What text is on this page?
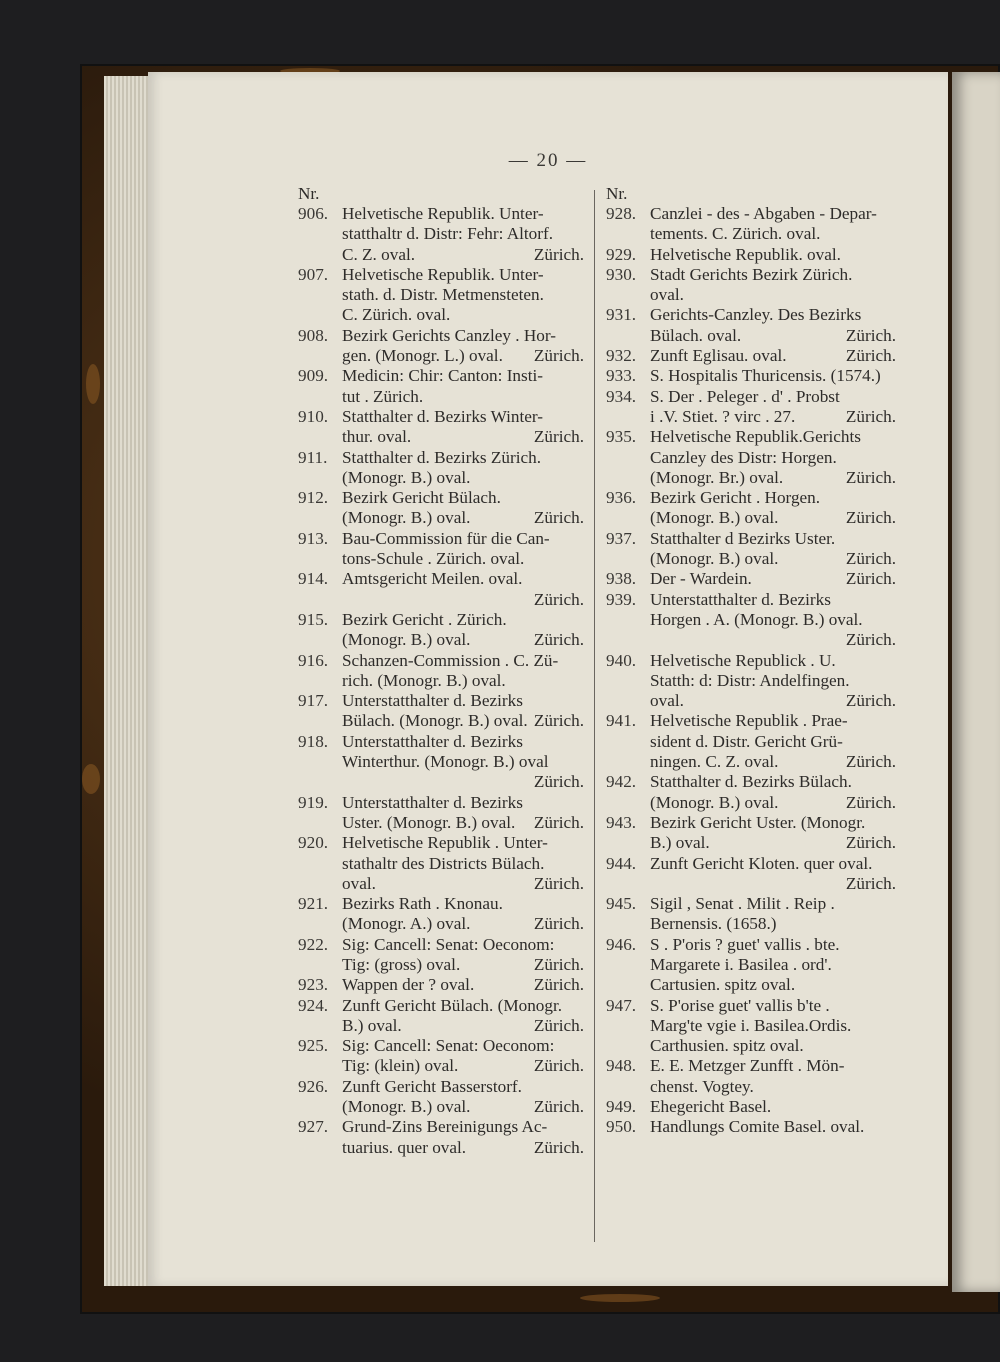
— 20 —
Nr.
906. Helvetische Republik. Unter-
statthaltr d. Distr: Fehr: Altorf.
C. Z. oval.	Zürich.
907. Helvetische Republik. Unter-
stath. d. Distr. Metmensteten.
C. Zürich. oval.
908. Bezirk Gerichts Canzley . Hor-
gen. (Monogr. L.) oval. Zürich.
909. Medicin: Chir: Canton: Insti-
tut . Zürich.
910. Statthalter d. Bezirks Winter-
thur. oval.	Zürich.
911. Statthalter d. Bezirks Zürich.
(Monogr. B.) oval.
912. Bezirk Gericht Bülach.
(Monogr. B.) oval.	Zürich.
913. Bau-Commission für die Can-
tons-Schule . Zürich. oval.
914. Amtsgericht Meilen. oval.
Zürich.
915. Bezirk Gericht . Zürich.
(Monogr. B.) oval.	Zürich.
916. Schanzen-Commission . C. Zü-
rich. (Monogr. B.) oval.
917. Unterstatthalter d. Bezirks
Bülach. (Monogr. B.) oval. Zürich.
918. Unterstatthalter d. Bezirks
Winterthur. (Monogr. B.) oval
Zürich.
919. Unterstatthalter d. Bezirks
Uster. (Monogr. B.) oval. Zürich.
920. Helvetische Republik . Unter-
stathaltr des Districts Bülach.
oval.	Zürich.
921. Bezirks Rath . Knonau.
(Monogr. A.) oval.	Zürich.
922. Sig: Cancell: Senat: Oeconom:
Tig: (gross) oval.	Zürich.
923. Wappen der ? oval.	Zürich.
924. Zunft Gericht Bülach. (Monogr.
B.) oval.	Zürich.
925. Sig: Cancell: Senat: Oeconom:
Tig: (klein) oval.	Zürich.
926. Zunft Gericht Basserstorf.
(Monogr. B.) oval.	Zürich.
927. Grund-Zins Bereinigungs Ac-
tuarius. quer oval.	Zürich.
Nr.
928. Canzlei - des - Abgaben - Depar-
tements. C. Zürich. oval.
929. Helvetische Republik. oval.
930. Stadt Gerichts Bezirk Zürich.
oval.
931. Gerichts-Canzley. Des Bezirks
Bülach. oval.	Zürich.
932. Zunft Eglisau. oval.	Zürich.
933. S. Hospitalis Thuricensis. (1574.)
934. S. Der . Peleger . d' . Probst
i .V. Stiet. ? virc . 27.	Zürich.
935. Helvetische Republik.Gerichts
Canzley des Distr: Horgen.
(Monogr. Br.) oval.	Zürich.
936. Bezirk Gericht . Horgen.
(Monogr. B.) oval.	Zürich.
937. Statthalter d Bezirks Uster.
(Monogr. B.) oval.	Zürich.
938. Der - Wardein.	Zürich.
939. Unterstatthalter d. Bezirks
Horgen . A. (Monogr. B.) oval.
Zürich.
940. Helvetische Republick . U.
Statth: d: Distr: Andelfingen.
oval.	Zürich.
941. Helvetische Republik . Prae-
sident d. Distr. Gericht Grü-
ningen. C. Z. oval.	Zürich.
942. Statthalter d. Bezirks Bülach.
(Monogr. B.) oval.	Zürich.
943. Bezirk Gericht Uster. (Monogr.
B.) oval.	Zürich.
944. Zunft Gericht Kloten. quer oval.
Zürich.
945. Sigil , Senat . Milit . Reip .
Bernensis. (1658.)
946. S . P'oris ? guet' vallis . bte.
Margarete i. Basilea . ord'.
Cartusien. spitz oval.
947. S. P'orise guet' vallis b'te .
Marg'te vgie i. Basilea.Ordis.
Carthusien. spitz oval.
948. E. E. Metzger Zunfft . Mön-
chenst. Vogtey.
949. Ehegericht Basel.
950. Handlungs Comite Basel. oval.
